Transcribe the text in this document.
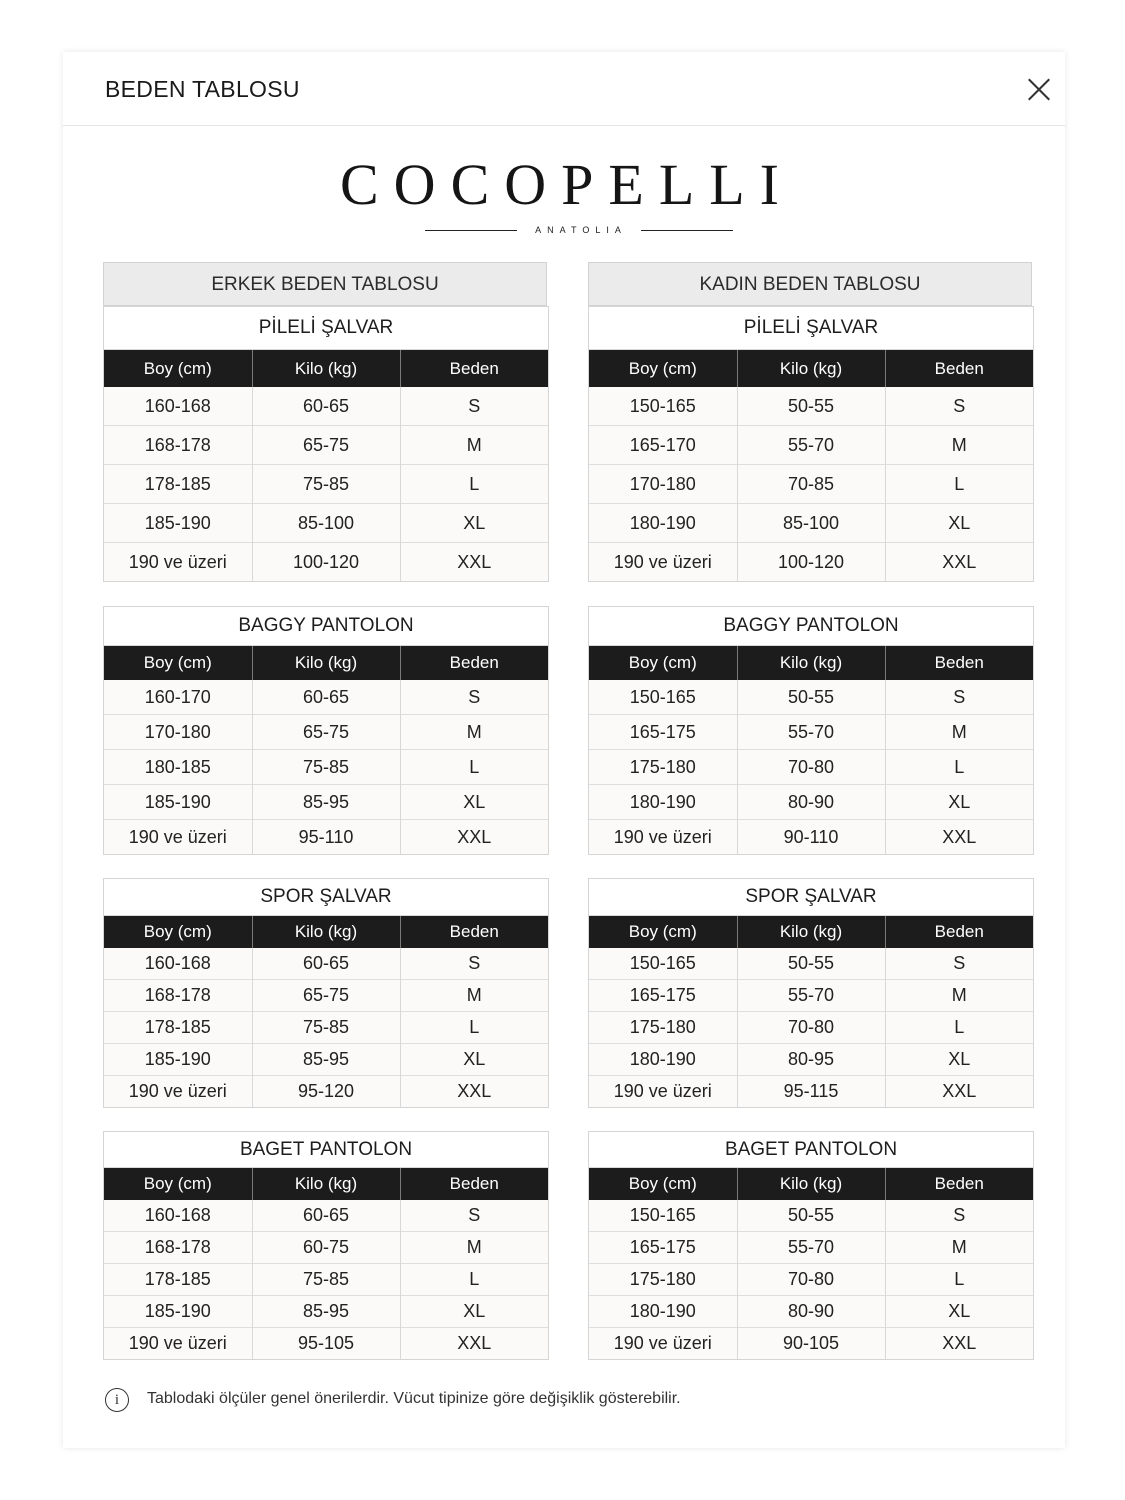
BEDEN TABLOSU
COCOPELLI
ANATOLIA
ERKEK BEDEN TABLOSU	KADIN BEDEN TABLOSU
PİLELİ ŞALVAR
Boy (cm)	Kilo (kg)	Beden
160-168	60-65	S
168-178	65-75	M
178-185	75-85	L
185-190	85-100	XL
190 ve üzeri	100-120	XXL
BAGGY PANTOLON
Boy (cm)	Kilo (kg)	Beden
160-170	60-65	S
170-180	65-75	M
180-185	75-85	L
185-190	85-95	XL
190 ve üzeri	95-110	XXL
SPOR ŞALVAR
Boy (cm)	Kilo (kg)	Beden
160-168	60-65	S
168-178	65-75	M
178-185	75-85	L
185-190	85-95	XL
190 ve üzeri	95-120	XXL
BAGET PANTOLON
Boy (cm)	Kilo (kg)	Beden
160-168	60-65	S
168-178	60-75	M
178-185	75-85	L
185-190	85-95	XL
190 ve üzeri	95-105	XXL
PİLELİ ŞALVAR
Boy (cm)	Kilo (kg)	Beden
150-165	50-55	S
165-170	55-70	M
170-180	70-85	L
180-190	85-100	XL
190 ve üzeri	100-120	XXL
BAGGY PANTOLON
Boy (cm)	Kilo (kg)	Beden
150-165	50-55	S
165-175	55-70	M
175-180	70-80	L
180-190	80-90	XL
190 ve üzeri	90-110	XXL
SPOR ŞALVAR
Boy (cm)	Kilo (kg)	Beden
150-165	50-55	S
165-175	55-70	M
175-180	70-80	L
180-190	80-95	XL
190 ve üzeri	95-115	XXL
BAGET PANTOLON
Boy (cm)	Kilo (kg)	Beden
150-165	50-55	S
165-175	55-70	M
175-180	70-80	L
180-190	80-90	XL
190 ve üzeri	90-105	XXL
i	Tablodaki ölçüler genel önerilerdir. Vücut tipinize göre değişiklik gösterebilir.
